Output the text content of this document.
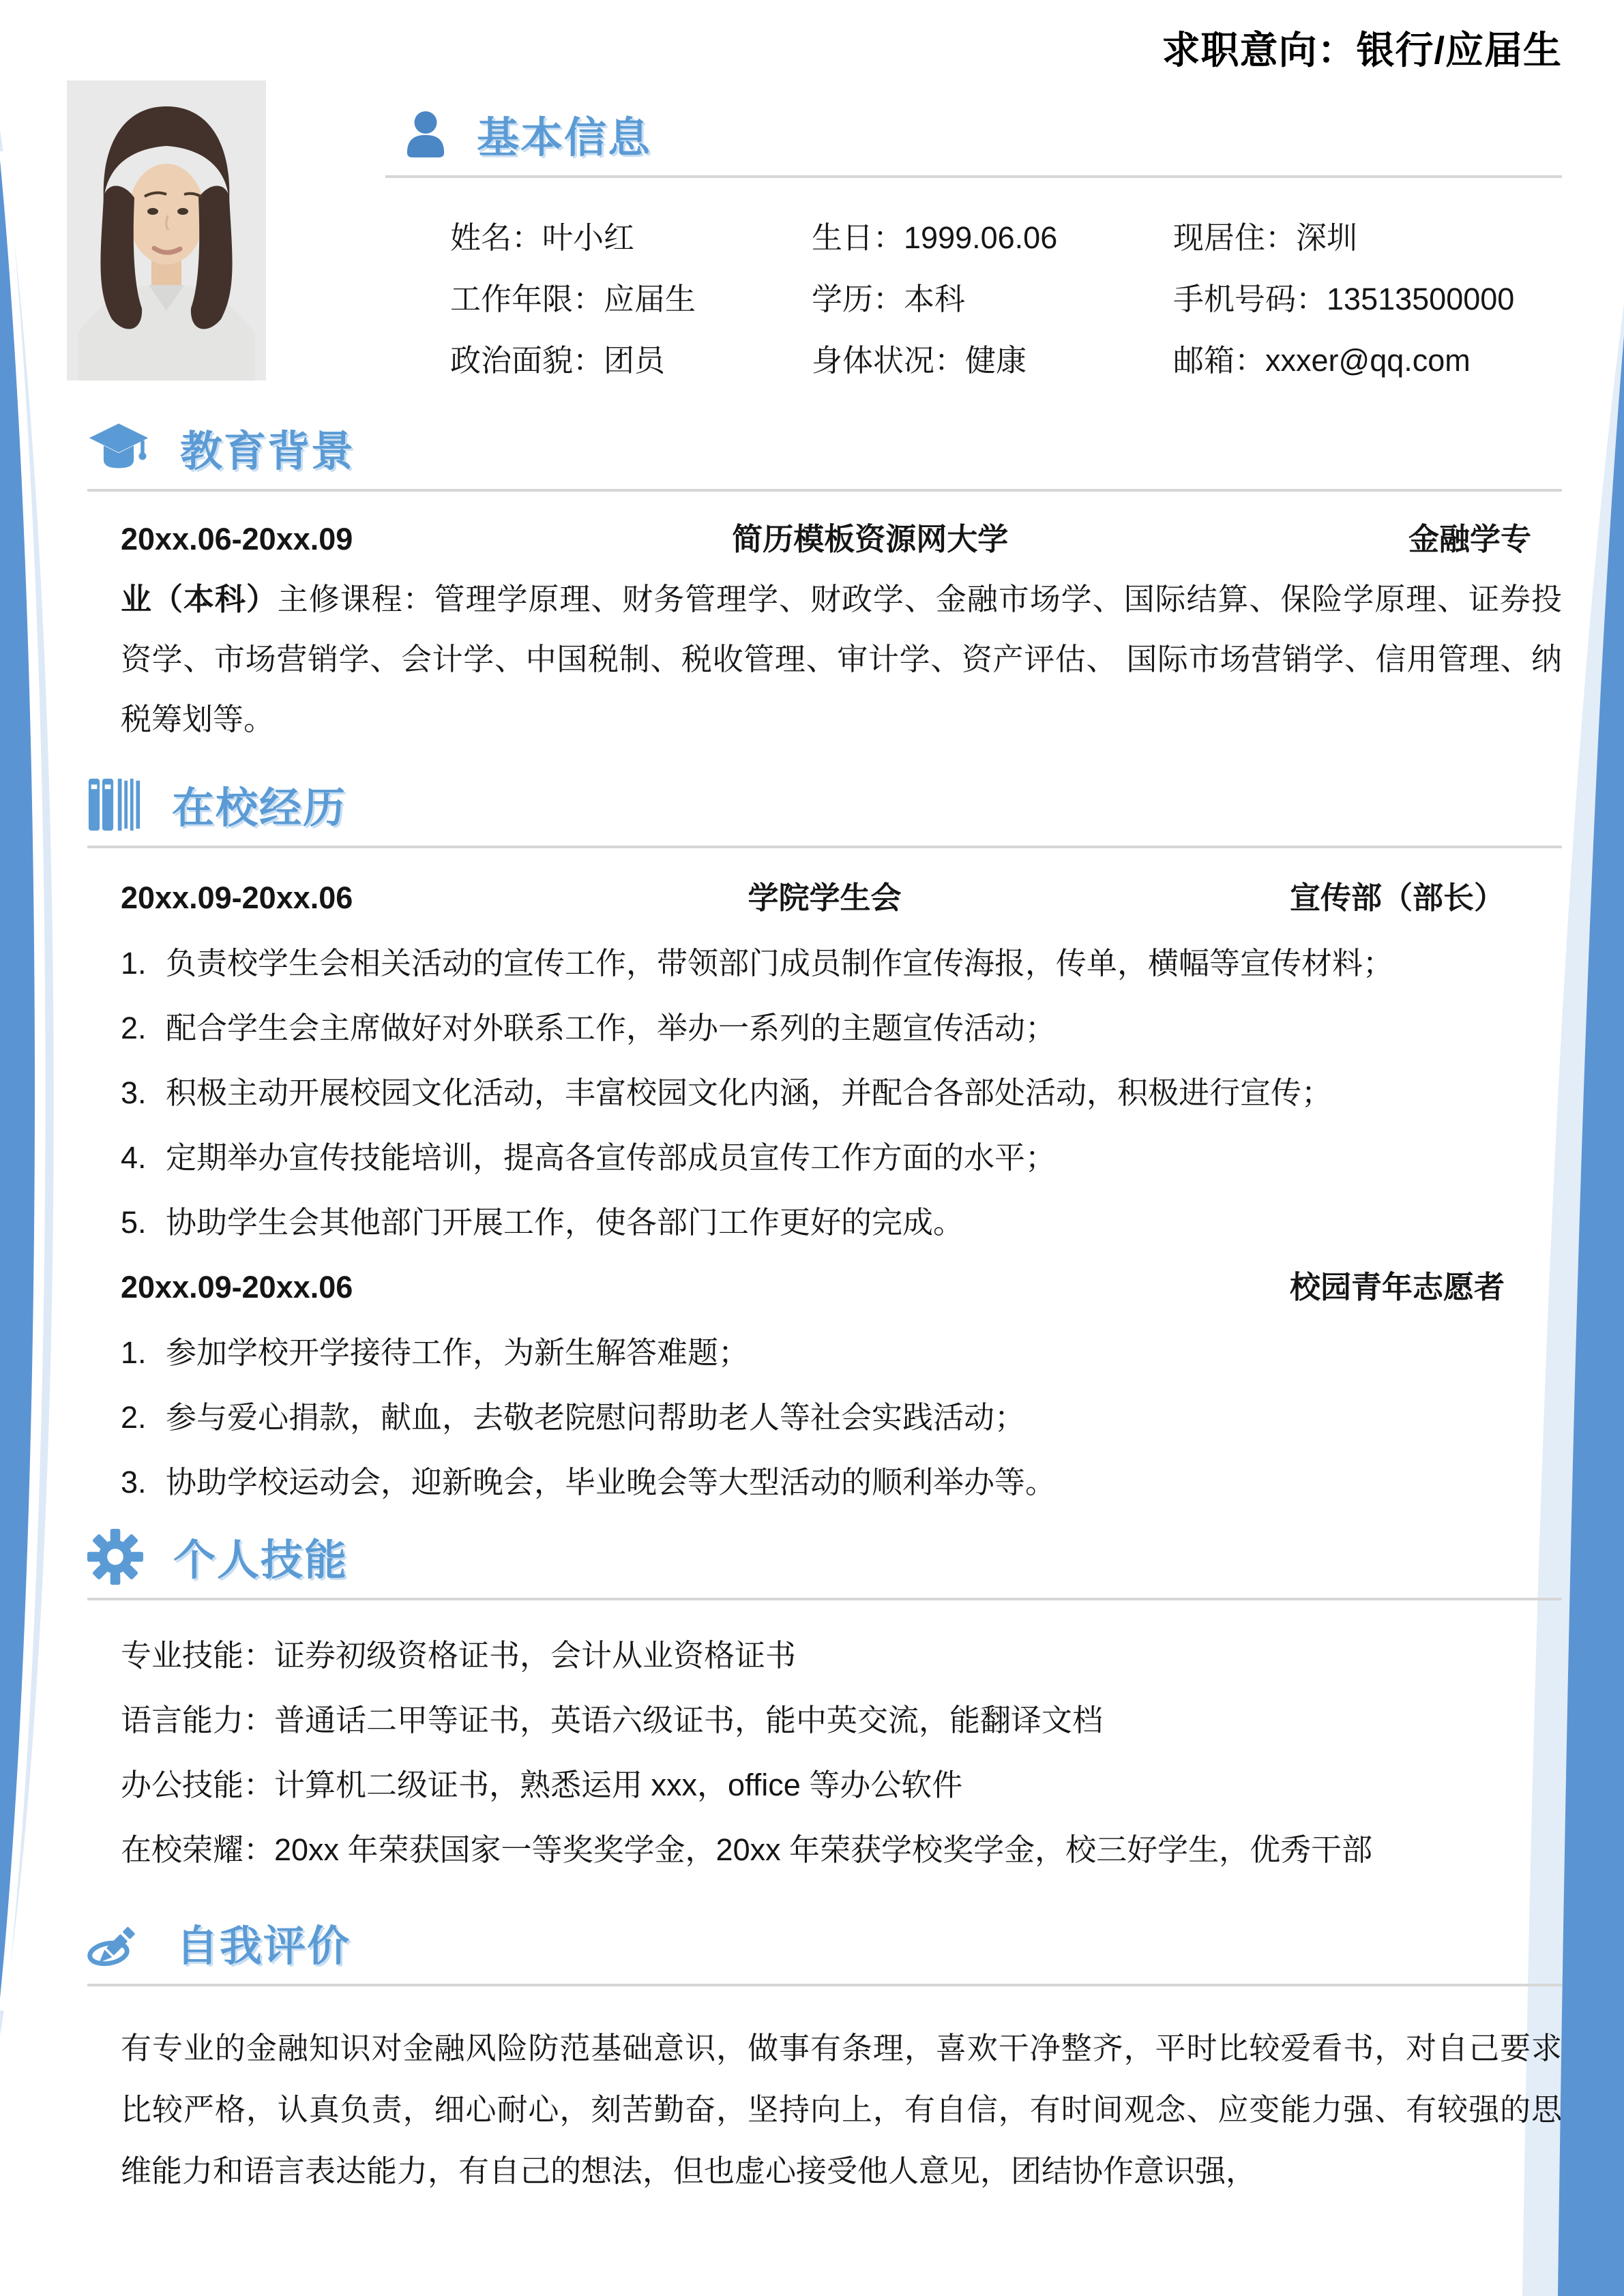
求职意向：银行/应届生
基本信息
姓名：叶小红	生日：1999.06.06	现居住：深圳
工作年限：应届生	学历：本科	手机号码：13513500000
政治面貌：团员	身体状况：健康	邮箱：xxxer@qq.com
教育背景
20xx.06-20xx.09	简历模板资源网大学	金融学专
业（本科）主修课程：管理学原理、财务管理学、财政学、金融市场学、国际结算、保险学原理、证券投资学、市场营销学、会计学、中国税制、税收管理、审计学、资产评估、 国际市场营销学、信用管理、纳税筹划等。
在校经历
20xx.09-20xx.06	学院学生会	宣传部（部长）
1. 负责校学生会相关活动的宣传工作，带领部门成员制作宣传海报，传单，横幅等宣传材料；
2. 配合学生会主席做好对外联系工作，举办一系列的主题宣传活动；
3. 积极主动开展校园文化活动，丰富校园文化内涵，并配合各部处活动，积极进行宣传；
4. 定期举办宣传技能培训，提高各宣传部成员宣传工作方面的水平；
5. 协助学生会其他部门开展工作，使各部门工作更好的完成。
20xx.09-20xx.06	校园青年志愿者
1. 参加学校开学接待工作，为新生解答难题；
2. 参与爱心捐款，献血，去敬老院慰问帮助老人等社会实践活动；
3. 协助学校运动会，迎新晚会，毕业晚会等大型活动的顺利举办等。
个人技能
专业技能：证券初级资格证书，会计从业资格证书
语言能力：普通话二甲等证书，英语六级证书，能中英交流，能翻译文档
办公技能：计算机二级证书，熟悉运用 xxx，office 等办公软件
在校荣耀：20xx 年荣获国家一等奖奖学金，20xx 年荣获学校奖学金，校三好学生，优秀干部
自我评价
有专业的金融知识对金融风险防范基础意识，做事有条理，喜欢干净整齐，平时比较爱看书，对自己要求比较严格，认真负责，细心耐心，刻苦勤奋，坚持向上，有自信，有时间观念、应变能力强、有较强的思维能力和语言表达能力，有自己的想法，但也虚心接受他人意见，团结协作意识强，
